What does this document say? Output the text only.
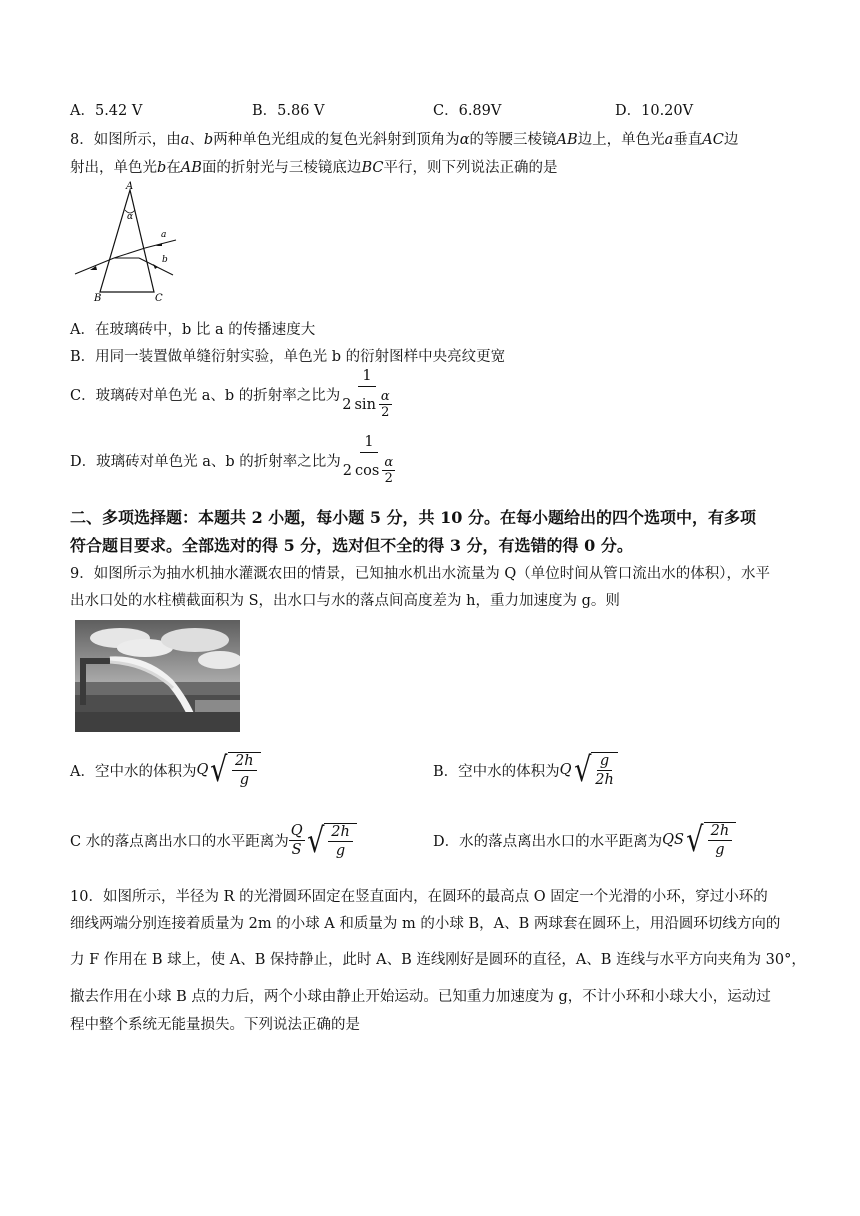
A．5.42 V	B．5.86 V	C．6.89V	D．10.20V
8．如图所示，由a、b两种单色光组成的复色光斜射到顶角为α的等腰三棱镜AB边上，单色光a垂直AC边
射出，单色光b在AB面的折射光与三棱镜底边BC平行，则下列说法正确的是
A
α
B	C
a
b
A．在玻璃砖中，b 比 a 的传播速度大
B．用同一装置做单缝衍射实验，单色光 b 的衍射图样中央亮纹更宽
C．玻璃砖对单色光 a、b 的折射率之比为 1
2 sin α
2
D．玻璃砖对单色光 a、b 的折射率之比为 1
2 cos α
2
二、多项选择题：本题共 2 小题，每小题 5 分，共 10 分。在每小题给出的四个选项中，有多项
符合题目要求。全部选对的得 5 分，选对但不全的得 3 分，有选错的得 0 分。
9．如图所示为抽水机抽水灌溉农田的情景，已知抽水机出水流量为 Q（单位时间从管口流出水的体积），水平
出水口处的水柱横截面积为 S，出水口与水的落点间高度差为 h，重力加速度为 g。则
A．空中水的体积为 Q √ 2h
g
B．空中水的体积为 Q √ g
2h
C 水的落点离出水口的水平距离为
Q
S √ 2h
g
D．水的落点离出水口的水平距离为 QS √ 2h
g
10．如图所示，半径为 R 的光滑圆环固定在竖直面内，在圆环的最高点 O 固定一个光滑的小环，穿过小环的
细线两端分别连接着质量为 2m 的小球 A 和质量为 m 的小球 B，A、B 两球套在圆环上，用沿圆环切线方向的
力 F 作用在 B 球上，使 A、B 保持静止，此时 A、B 连线刚好是圆环的直径，A、B 连线与水平方向夹角为 30°，
撤去作用在小球 B 点的力后，两个小球由静止开始运动。已知重力加速度为 g，不计小环和小球大小，运动过
程中整个系统无能量损失。下列说法正确的是
